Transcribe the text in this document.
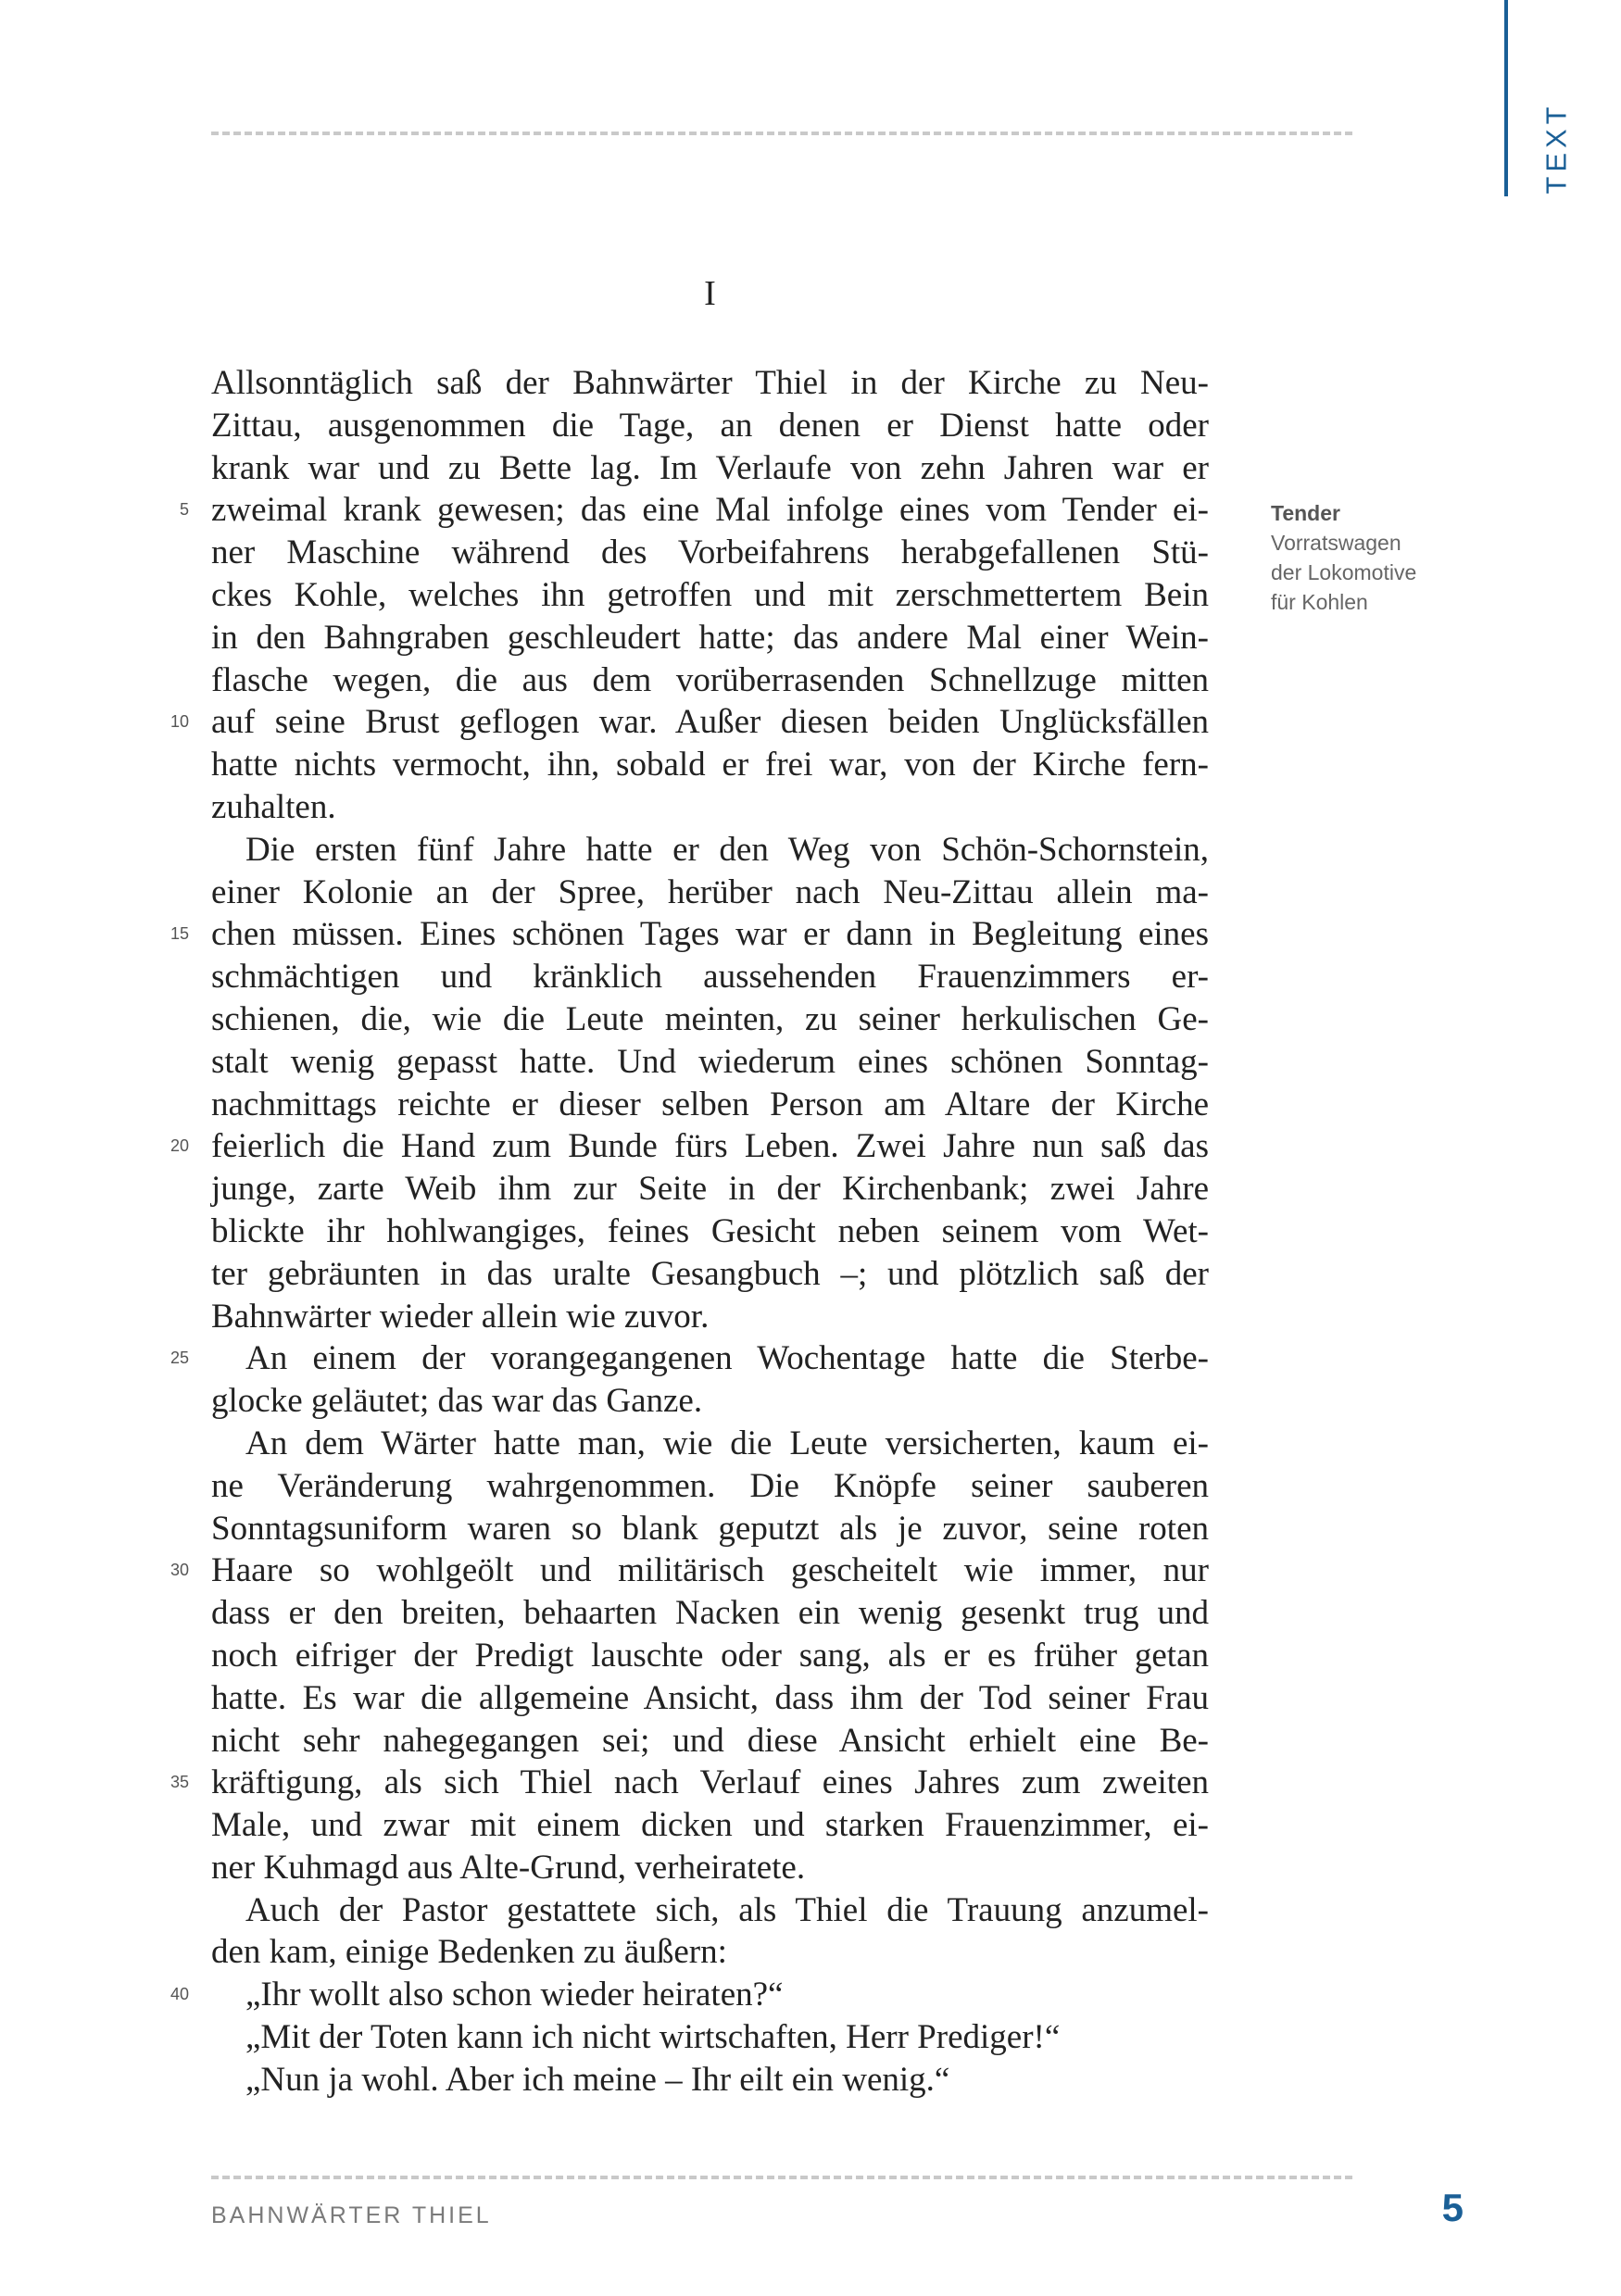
TEXT
I
5
10
15
20
25
30
35
40
Allsonntäglich saß der Bahnwärter Thiel in der Kirche zu Neu-
Zittau, ausgenommen die Tage, an denen er Dienst hatte oder
krank war und zu Bette lag. Im Verlaufe von zehn Jahren war er
zweimal krank gewesen; das eine Mal infolge eines vom Tender ei-
ner Maschine während des Vorbeifahrens herabgefallenen Stü-
ckes Kohle, welches ihn getroffen und mit zerschmettertem Bein
in den Bahngraben geschleudert hatte; das andere Mal einer Wein-
flasche wegen, die aus dem vorüberrasenden Schnellzuge mitten
auf seine Brust geflogen war. Außer diesen beiden Unglücksfällen
hatte nichts vermocht, ihn, sobald er frei war, von der Kirche fern-
zuhalten.
Die ersten fünf Jahre hatte er den Weg von Schön-Schornstein,
einer Kolonie an der Spree, herüber nach Neu-Zittau allein ma-
chen müssen. Eines schönen Tages war er dann in Begleitung eines
schmächtigen und kränklich aussehenden Frauenzimmers er-
schienen, die, wie die Leute meinten, zu seiner herkulischen Ge-
stalt wenig gepasst hatte. Und wiederum eines schönen Sonntag-
nachmittags reichte er dieser selben Person am Altare der Kirche
feierlich die Hand zum Bunde fürs Leben. Zwei Jahre nun saß das
junge, zarte Weib ihm zur Seite in der Kirchenbank; zwei Jahre
blickte ihr hohlwangiges, feines Gesicht neben seinem vom Wet-
ter gebräunten in das uralte Gesangbuch –; und plötzlich saß der
Bahnwärter wieder allein wie zuvor.
An einem der vorangegangenen Wochentage hatte die Sterbe-
glocke geläutet; das war das Ganze.
An dem Wärter hatte man, wie die Leute versicherten, kaum ei-
ne Veränderung wahrgenommen. Die Knöpfe seiner sauberen
Sonntagsuniform waren so blank geputzt als je zuvor, seine roten
Haare so wohlgeölt und militärisch gescheitelt wie immer, nur
dass er den breiten, behaarten Nacken ein wenig gesenkt trug und
noch eifriger der Predigt lauschte oder sang, als er es früher getan
hatte. Es war die allgemeine Ansicht, dass ihm der Tod seiner Frau
nicht sehr nahegegangen sei; und diese Ansicht erhielt eine Be-
kräftigung, als sich Thiel nach Verlauf eines Jahres zum zweiten
Male, und zwar mit einem dicken und starken Frauenzimmer, ei-
ner Kuhmagd aus Alte-Grund, verheiratete.
Auch der Pastor gestattete sich, als Thiel die Trauung anzumel-
den kam, einige Bedenken zu äußern:
„Ihr wollt also schon wieder heiraten?“
„Mit der Toten kann ich nicht wirtschaften, Herr Prediger!“
„Nun ja wohl. Aber ich meine – Ihr eilt ein wenig.“
Tender
Vorratswagen
der Lokomotive
für Kohlen
BAHNWÄRTER THIEL	5
